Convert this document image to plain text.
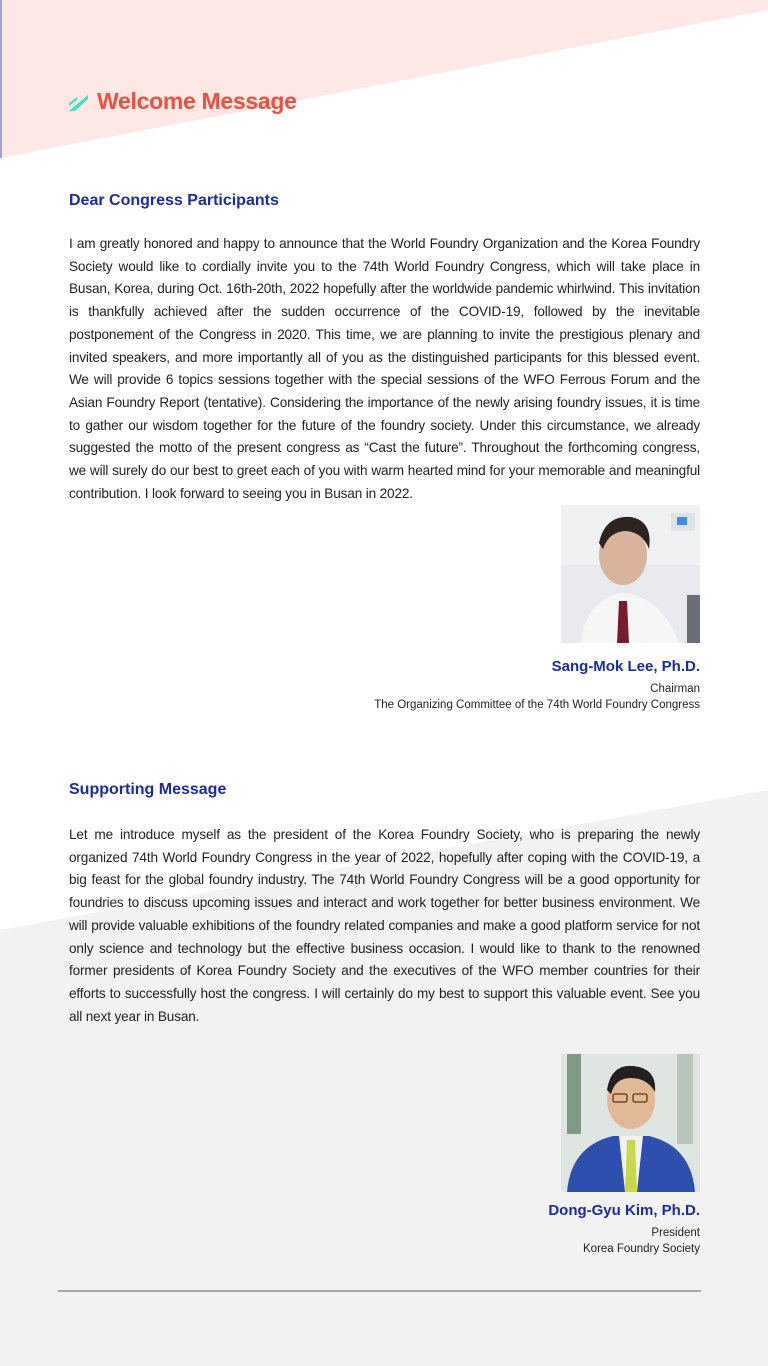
Welcome Message
Dear Congress Participants
I am greatly honored and happy to announce that the World Foundry Organization and the Korea Foundry Society would like to cordially invite you to the 74th World Foundry Congress, which will take place in Busan, Korea, during Oct. 16th-20th, 2022 hopefully after the worldwide pandemic whirlwind. This invitation is thankfully achieved after the sudden occurrence of the COVID-19, followed by the inevitable postponement of the Congress in 2020. This time, we are planning to invite the prestigious plenary and invited speakers, and more importantly all of you as the distinguished participants for this blessed event. We will provide 6 topics sessions together with the special sessions of the WFO Ferrous Forum and the Asian Foundry Report (tentative). Considering the importance of the newly arising foundry issues, it is time to gather our wisdom together for the future of the foundry society. Under this circumstance, we already suggested the motto of the present congress as “Cast the future”. Throughout the forthcoming congress, we will surely do our best to greet each of you with warm hearted mind for your memorable and meaningful contribution. I look forward to seeing you in Busan in 2022.
Sang-Mok Lee, Ph.D.
Chairman
The Organizing Committee of the 74th World Foundry Congress
Supporting Message
Let me introduce myself as the president of the Korea Foundry Society, who is preparing the newly organized 74th World Foundry Congress in the year of 2022, hopefully after coping with the COVID-19, a big feast for the global foundry industry. The 74th World Foundry Congress will be a good opportunity for foundries to discuss upcoming issues and interact and work together for better business environment. We will provide valuable exhibitions of the foundry related companies and make a good platform service for not only science and technology but the effective business occasion. I would like to thank to the renowned former presidents of Korea Foundry Society and the executives of the WFO member countries for their efforts to successfully host the congress. I will certainly do my best to support this valuable event. See you all next year in Busan.
Dong-Gyu Kim, Ph.D.
President
Korea Foundry Society
